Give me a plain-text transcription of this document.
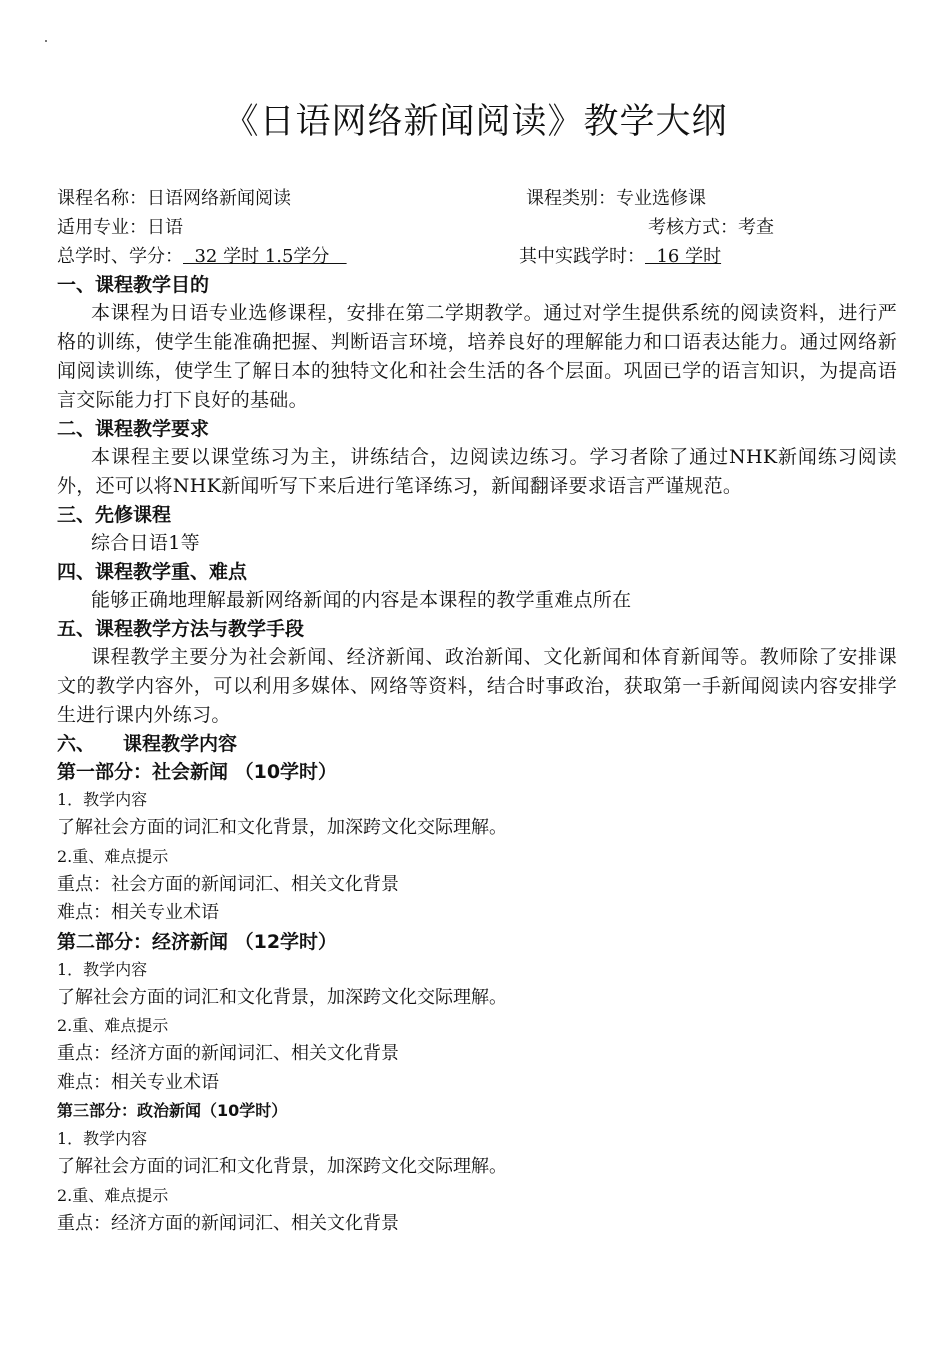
《日语网络新闻阅读》教学大纲
课程名称：日语网络新闻阅读	课程类别：专业选修课
适用专业：日语	考核方式：考查
总学时、学分：  32 学时 1.5学分	其中实践学时：  16 学时
一、课程教学目的

本课程为日语专业选修课程，安排在第二学期教学。通过对学生提供系统的阅读资料，进行严格的训练，使学生能准确把握、判断语言环境，培养良好的理解能力和口语表达能力。通过网络新闻阅读训练，使学生了解日本的独特文化和社会生活的各个层面。巩固已学的语言知识，为提高语言交际能力打下良好的基础。

二、课程教学要求

本课程主要以课堂练习为主，讲练结合，边阅读边练习。学习者除了通过NHK新闻练习阅读外，还可以将NHK新闻听写下来后进行笔译练习，新闻翻译要求语言严谨规范。

三、先修课程

综合日语1等

四、课程教学重、难点

能够正确地理解最新网络新闻的内容是本课程的教学重难点所在

五、课程教学方法与教学手段

课程教学主要分为社会新闻、经济新闻、政治新闻、文化新闻和体育新闻等。教师除了安排课文的教学内容外，可以利用多媒体、网络等资料，结合时事政治，获取第一手新闻阅读内容安排学生进行课内外练习。

六、 课程教学内容
第一部分：社会新闻 （10学时）
1．教学内容
了解社会方面的词汇和文化背景，加深跨文化交际理解。
2.重、难点提示
重点：社会方面的新闻词汇、相关文化背景
难点：相关专业术语
第二部分：经济新闻 （12学时）
1．教学内容
了解社会方面的词汇和文化背景，加深跨文化交际理解。
2.重、难点提示
重点：经济方面的新闻词汇、相关文化背景
难点：相关专业术语
第三部分：政治新闻（10学时）
1．教学内容
了解社会方面的词汇和文化背景，加深跨文化交际理解。
2.重、难点提示
重点：经济方面的新闻词汇、相关文化背景
